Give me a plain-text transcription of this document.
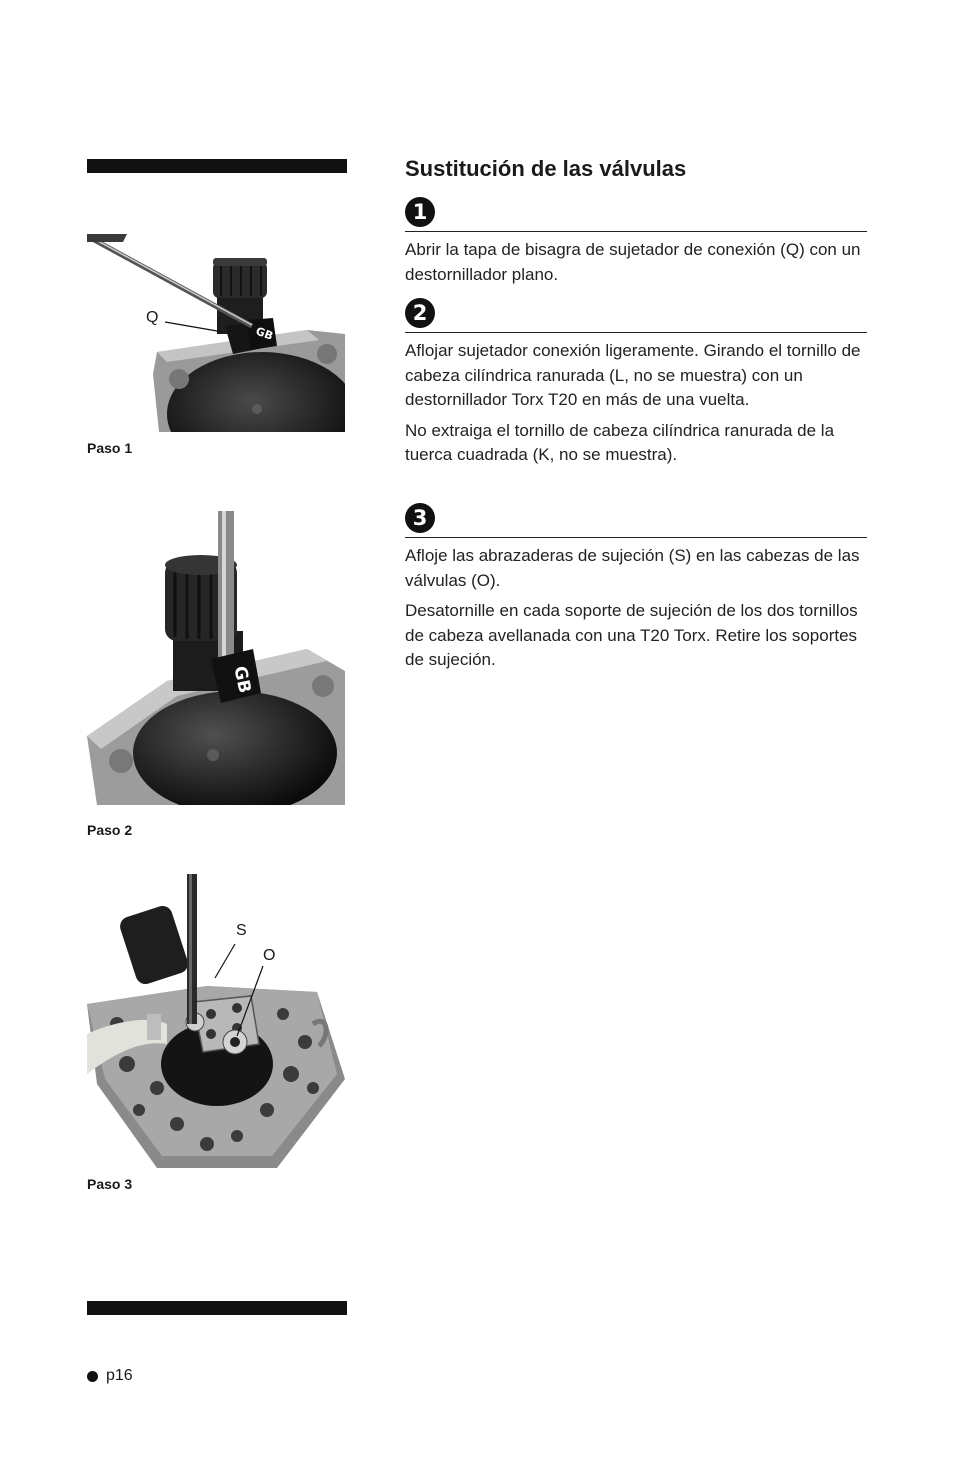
GB
Q
Paso 1
GB
Paso 2
S
O
Paso 3
Sustitución de las válvulas
1

Abrir la tapa de bisagra de sujetador de conexión (Q) con un destornillador plano.

2

Aflojar sujetador conexión ligeramente. Girando el tornillo de cabeza cilíndrica ranurada (L, no se muestra) con un destornillador Torx T20 en más de una vuelta.

No extraiga el tornillo de cabeza cilíndrica ranurada de la tuerca cuadrada (K, no se muestra).

3

Afloje las abrazaderas de sujeción (S) en las cabezas de las válvulas (O).

Desatornille en cada soporte de sujeción de los dos tornillos de cabeza avellanada con una T20 Torx. Retire los soportes de sujeción.

p16
